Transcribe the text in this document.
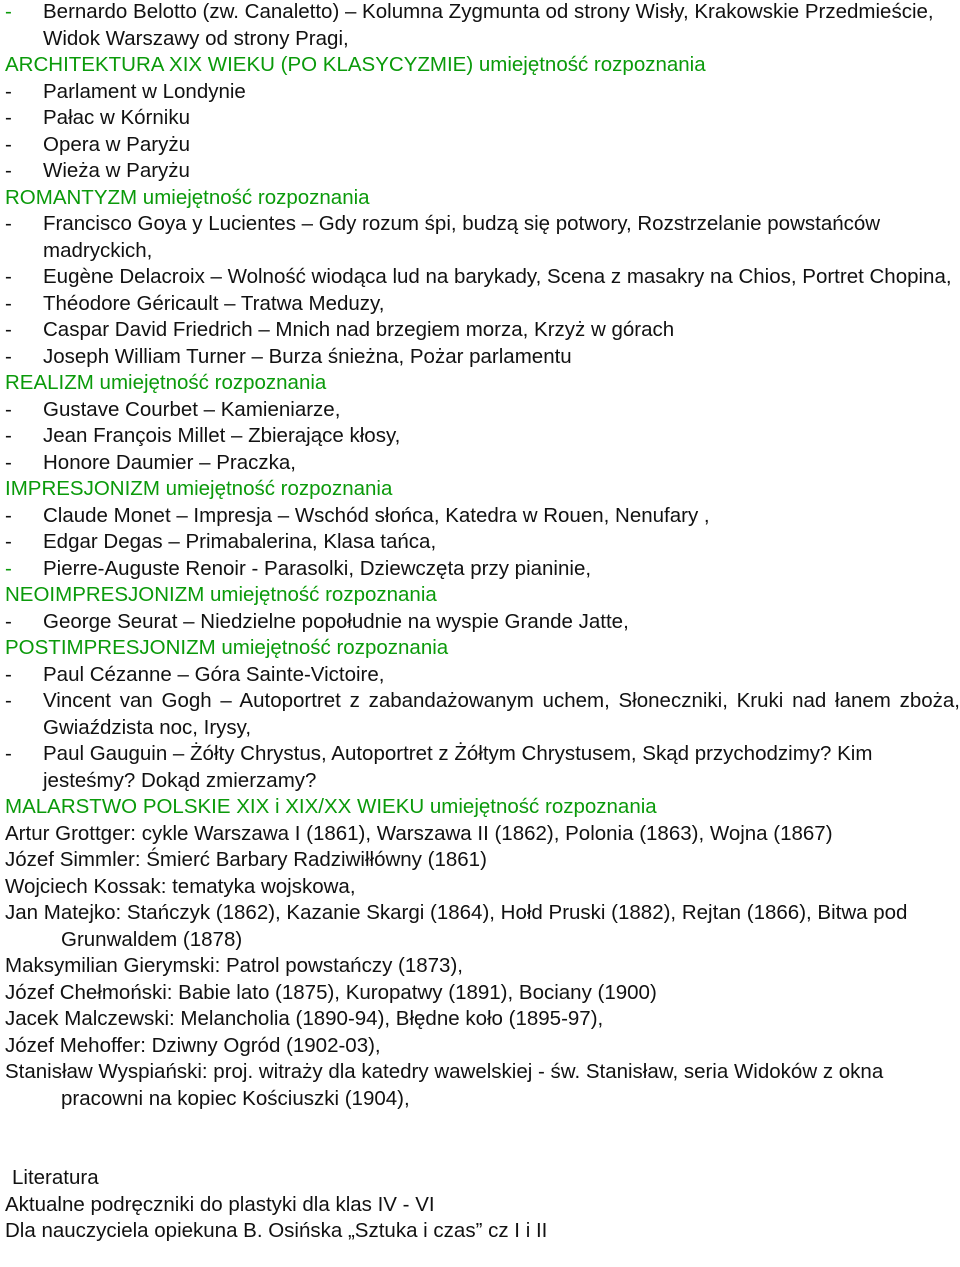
- Bernardo Belotto (zw. Canaletto) – Kolumna Zygmunta od strony Wisły, Krakowskie Przedmieście, Widok Warszawy od strony Pragi,
ARCHITEKTURA XIX WIEKU (PO KLASYCYZMIE) umiejętność rozpoznania
- Parlament w Londynie
- Pałac w Kórniku
- Opera w Paryżu
- Wieża w Paryżu
ROMANTYZM umiejętność rozpoznania
- Francisco Goya y Lucientes – Gdy rozum śpi, budzą się potwory, Rozstrzelanie powstańców madryckich,
- Eugène Delacroix – Wolność wiodąca lud na barykady, Scena z masakry na Chios, Portret Chopina,
- Théodore Géricault – Tratwa Meduzy,
- Caspar David Friedrich – Mnich nad brzegiem morza, Krzyż w górach
- Joseph William Turner – Burza śnieżna, Pożar parlamentu
REALIZM umiejętność rozpoznania
- Gustave Courbet – Kamieniarze,
- Jean François Millet – Zbierające kłosy,
- Honore Daumier – Praczka,
IMPRESJONIZM umiejętność rozpoznania
- Claude Monet – Impresja – Wschód słońca, Katedra w Rouen, Nenufary ,
- Edgar Degas – Primabalerina, Klasa tańca,
- Pierre-Auguste Renoir - Parasolki, Dziewczęta przy pianinie,
NEOIMPRESJONIZM umiejętność rozpoznania
- George Seurat – Niedzielne popołudnie na wyspie Grande Jatte,
POSTIMPRESJONIZM umiejętność rozpoznania
- Paul Cézanne – Góra Sainte-Victoire,
- Vincent van Gogh – Autoportret z zabandażowanym uchem, Słoneczniki, Kruki nad łanem zboża, Gwiaździsta noc, Irysy,
- Paul Gauguin – Żółty Chrystus, Autoportret z Żółtym Chrystusem, Skąd przychodzimy? Kim jesteśmy? Dokąd zmierzamy?
MALARSTWO POLSKIE XIX i XIX/XX WIEKU umiejętność rozpoznania
Artur Grottger: cykle Warszawa I (1861), Warszawa II (1862), Polonia (1863), Wojna (1867)
Józef Simmler: Śmierć Barbary Radziwiłłówny (1861)
Wojciech Kossak: tematyka wojskowa,
Jan Matejko: Stańczyk (1862), Kazanie Skargi (1864), Hołd Pruski (1882), Rejtan (1866), Bitwa pod Grunwaldem (1878)
Maksymilian Gierymski: Patrol powstańczy (1873),
Józef Chełmoński: Babie lato (1875), Kuropatwy (1891), Bociany (1900)
Jacek Malczewski: Melancholia (1890-94), Błędne koło (1895-97),
Józef Mehoffer: Dziwny Ogród (1902-03),
Stanisław Wyspiański: proj. witraży dla katedry wawelskiej - św. Stanisław, seria Widoków z okna pracowni na kopiec Kościuszki (1904),
Literatura
Aktualne podręczniki do plastyki dla klas IV - VI
Dla nauczyciela opiekuna B. Osińska „Sztuka i czas” cz I i II
